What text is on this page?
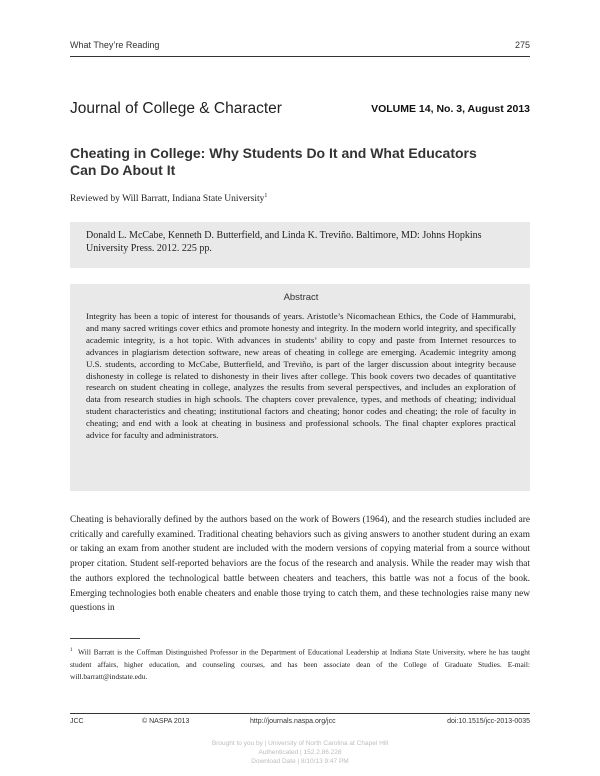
What They’re Reading	275
Journal of College & Character	VOLUME 14, No. 3, August 2013
Cheating in College: Why Students Do It and What Educators Can Do About It
Reviewed by Will Barratt, Indiana State University$^1$
Donald L. McCabe, Kenneth D. Butterfield, and Linda K. Treviño. Baltimore, MD: Johns Hopkins University Press. 2012. 225 pp.
Abstract
Integrity has been a topic of interest for thousands of years. Aristotle’s Nicomachean Ethics, the Code of Hammurabi, and many sacred writings cover ethics and promote honesty and integrity. In the modern world integrity, and specifically academic integrity, is a hot topic. With advances in students’ ability to copy and paste from Internet resources to advances in plagiarism detection software, new areas of cheating in college are emerging. Academic integrity among U.S. students, according to McCabe, Butterfield, and Treviño, is part of the larger discussion about integrity because dishonesty in college is related to dishonesty in their lives after college. This book covers two decades of quantitative research on student cheating in college, analyzes the results from several perspectives, and includes an exploration of data from research studies in high schools. The chapters cover prevalence, types, and methods of cheating; individual student characteristics and cheating; institutional factors and cheating; honor codes and cheating; the role of faculty in cheating; and end with a look at cheating in business and professional schools. The final chapter explores practical advice for faculty and administrators.
Cheating is behaviorally defined by the authors based on the work of Bowers (1964), and the research studies included are critically and carefully examined. Traditional cheating behaviors such as giving answers to another student during an exam or taking an exam from another student are included with the modern versions of copying material from a source without proper citation. Student self-reported behaviors are the focus of the research and analysis. While the reader may wish that the authors explored the technological battle between cheaters and teachers, this battle was not a focus of the book. Emerging technologies both enable cheaters and enable those trying to catch them, and these technologies raise many new questions in
$^1$ Will Barratt is the Coffman Distinguished Professor in the Department of Educational Leadership at Indiana State University, where he has taught student affairs, higher education, and counseling courses, and has been associate dean of the College of Graduate Studies. E-mail: will.barratt@indstate.edu.
JCC	© NASPA 2013	http://journals.naspa.org/jcc	doi:10.1515/jcc-2013-0035
Brought to you by | University of North Carolina at Chapel Hill
Authenticated | 152.2.86.228
Download Date | 8/10/13 9:47 PM
